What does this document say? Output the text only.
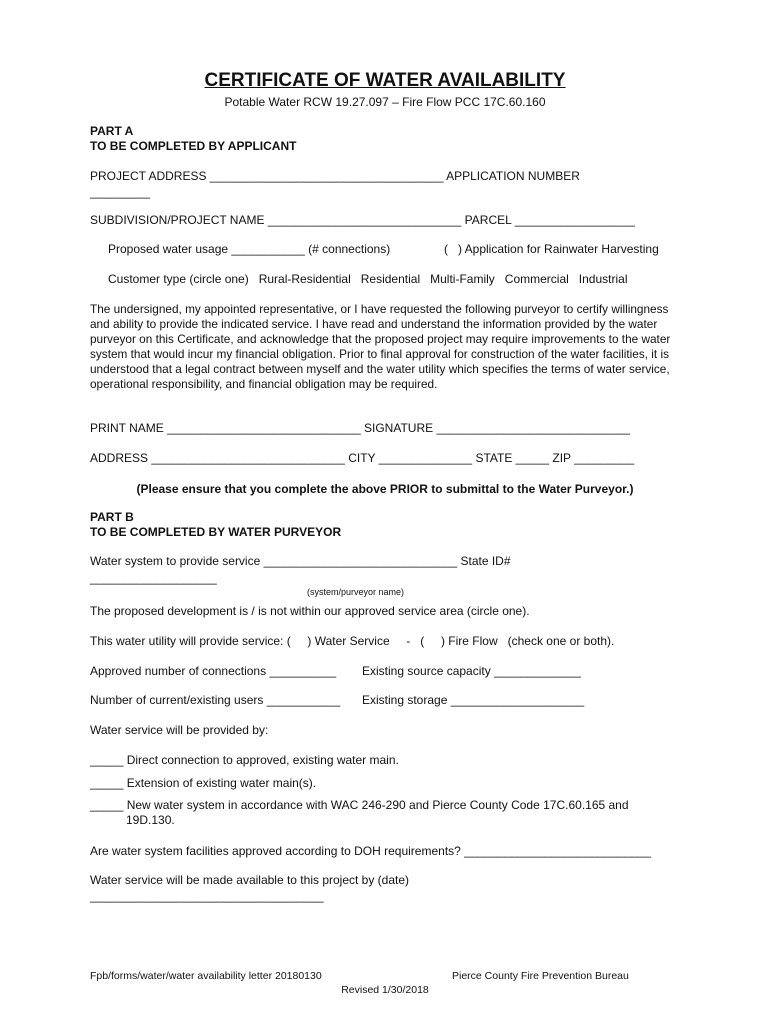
CERTIFICATE OF WATER AVAILABILITY
Potable Water RCW 19.27.097 – Fire Flow PCC 17C.60.160
PART A
TO BE COMPLETED BY APPLICANT
PROJECT ADDRESS ___________________________________ APPLICATION NUMBER
_________
SUBDIVISION/PROJECT NAME _____________________________ PARCEL __________________
Proposed water usage ___________ (# connections)	(   ) Application for Rainwater Harvesting
Customer type (circle one)   Rural-Residential   Residential   Multi-Family   Commercial   Industrial
The undersigned, my appointed representative, or I have requested the following purveyor to certify willingness and ability to provide the indicated service. I have read and understand the information provided by the water purveyor on this Certificate, and acknowledge that the proposed project may require improvements to the water system that would incur my financial obligation. Prior to final approval for construction of the water facilities, it is understood that a legal contract between myself and the water utility which specifies the terms of water service, operational responsibility, and financial obligation may be required.
PRINT NAME _____________________________ SIGNATURE _____________________________
ADDRESS _____________________________ CITY ______________ STATE _____ ZIP _________
(Please ensure that you complete the above PRIOR to submittal to the Water Purveyor.)
PART B
TO BE COMPLETED BY WATER PURVEYOR
Water system to provide service _____________________________ State ID#
___________________
(system/purveyor name)
The proposed development is / is not within our approved service area (circle one).
This water utility will provide service: (     ) Water Service     -   (     ) Fire Flow   (check one or both).
Approved number of connections __________ Existing source capacity _____________
Number of current/existing users ___________ Existing storage ____________________
Water service will be provided by:
_____ Direct connection to approved, existing water main.
_____ Extension of existing water main(s).
_____ New water system in accordance with WAC 246-290 and Pierce County Code 17C.60.165 and
19D.130.
Are water system facilities approved according to DOH requirements? ____________________________
Water service will be made available to this project by (date)
___________________________________
Fpb/forms/water/water availability letter 20180130	Pierce County Fire Prevention Bureau
Revised 1/30/2018
